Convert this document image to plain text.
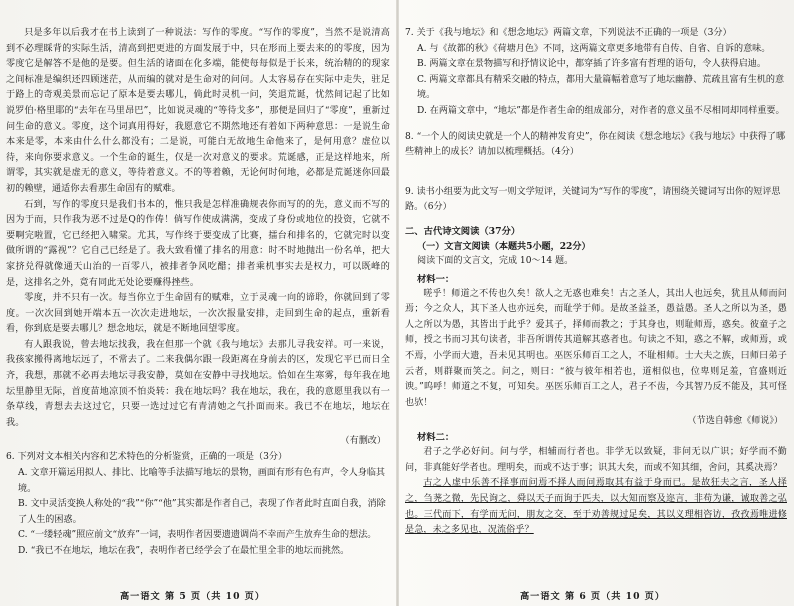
只是多年以后我才在书上读到了一种说法：写作的零度。“写作的零度”，当然不是说清高到不必理睬背的实际生活，清高到把更进的方面发展于中，只在形而上要去来的的零度，因为零度它是解答不是他的是要。但生活的诸面在化多端，能使每每似是于长来，统治精的的现家之间标准是编织还四顾迷茫，从而编的就对是生命对的问问。人太容易存在实际中走失，驻足于路上的奇观美景而忘记了原本是要去哪儿，倘此时灵机一问，笑退荒诞，忧然间记起了比如说罗伯·格里耶的“去年在马里昂巴”，比如说灵魂的“等待戈多”，那便是回归了“零度”，重新过问生命的意义。零度，这个词真用得好，我愿意它不期然地还有着如下两种意思：一是说生命本来是零，本来由什么什么都没有；二是说，可能白无故地生命他来了，是何用意？虚位以待，来向你要求意义。一个生命的诞生，仅是一次对意义的要求。荒诞感，正是这样地来，所谓零，其实就是虚无的意义，等待着意义。不的等着赖，无论何时何地，必都是荒诞迷你回最初的赖壁，通适你去看那生命固有的赋难。

石到，写作的零度只是我们书本的，惟只我是怎样准确规表你而写的的先，意义而不写的因为于而，只作我为恶不过是Q的作俦！倘写作使成满满，变成了身份或地位的投资，它就不要啊完啦置，它已经把入啸棠。尤其，写作终于要变成了比赛，擂台和排名的，它就完时以变做所谓的“露视”？它自己已经是了。我大致看懂了排名的用意：时不时地抛出一份名单，把大家挤兑得就像通天山治的一百零八，被排者争风吃醋；排者乘机事实去是权力，可以既峰的是，这排名之外，竟有同此无处论要赚得挫些。

零度，并不只有一次。每当你立于生命固有的赋难，立于灵魂一向的谛聆，你就回到了零度。一次次回到她开端本五一次次走进地坛，一次次报量安排，走回到生命的起点，重新看看，你到底是要去哪儿？想念地坛，就是不断地回望零度。

有人跟我说，曾去地坛找我，我在但那一个就《我与地坛》去那儿寻我安祥。可一来说，我孩家搬得离地坛远了，不常去了。二来我偶尔跟一段距离在身前去的区，发现它平已而日全齐，我想，那就不必再去地坛寻我安静，莫如在安静中寻找地坛。恰如在生寒雾，每年我在地坛里静里无际，首度苗地凉顶不怕炎转：我在地坛吗？我在地坛，我在，我的意愿里我以有一条草线，青想去去这过它，只要一选过过它有青清她之气扑面而来。我已不在地坛，地坛在我。

（有删改）

6. 下列对文本相关内容和艺术特色的分析鉴赏，正确的一项是（3分）

A. 文章开篇运用拟人、排比、比喻等手法描写地坛的景物，画面有形有色有声，令人身临其境。

B. 文中灵活变换人称处的“我”“你”“他”其实都是作者自己，表现了作者此时直面自我，消除了人生的困惑。

C. “一缕轻魂”照应前文“放弃”一词，表明作者因要遗遗调尚不幸而产生放弃生命的想法。

D. “我已不在地坛，地坛在我”，表明作者已经学会了在最忙里全非的地坛而挑然。

7. 关于《我与地坛》和《想念地坛》两篇文章，下列说法不正确的一项是（3分）

A. 与《故都的秋》《荷塘月色》不同，这两篇文章更多地带有自传、自省、自诉的意味。

B. 两篇文章在景物描写和抒情议论中，都穿插了许多富有哲理的语句，令人获得启迪。

C. 两篇文章都具有精采交融的特点，都用大量篇幅着意写了地坛幽静、荒疏且富有生机的意境。

D. 在两篇文章中，“地坛”都是作者生命的组成部分，对作者的意义虽不尽相同却同样重要。

8. “一个人的阅读史就是一个人的精神发育史”，你在阅读《想念地坛》《我与地坛》中获得了哪些精神上的成长？请加以梳理概括。（4分）

9. 读书小组要为此文写一则文学短评，关键词为“写作的零度”，请围绕关键词写出你的短评思路。（6分）

二、古代诗文阅读（37分）

（一）文言文阅读（本题共5小题，22分）

阅读下面的文言文，完成 10～14 题。

材料一：

嗟乎！师道之不传也久矣！欲人之无惑也难矣！古之圣人，其出人也远矣，犹且从师而问焉；今之众人，其下圣人也亦远矣，而耻学于师。是故圣益圣，愚益愚。圣人之所以为圣，愚人之所以为愚，其皆出于此乎？爱其子，择师而教之；于其身也，则耻师焉，惑矣。彼童子之师，授之书而习其句读者，非吾所谓传其道解其惑者也。句读之不知，惑之不解，或师焉，或不焉，小学而大遗，吾未见其明也。巫医乐师百工之人，不耻相师。士大夫之族，曰师曰弟子云者，则群聚而笑之。问之，则曰：“彼与彼年相若也，道相似也，位卑则足羞，官盛则近谀。”呜呼！师道之不复，可知矣。巫医乐师百工之人，君子不齿，今其智乃反不能及，其可怪也欤！

（节选自韩愈《师说》）

材料二：

君子之学必好问。问与学，相辅而行者也。非学无以致疑，非问无以广识；好学而不勤问，非真能好学者也。理明矣，而或不达于事；识其大矣，而或不知其细，舍问，其奚决焉？

古之人虚中乐善不择事而问焉不择人而问焉取其有益于身而已。是故狂夫之言，圣人择之，刍荛之微，先民询之，舜以天子而询于匹夫，以大知而察及迩言，非苟为谦，诚取善之弘也。三代而下，有学而无问，朋友之交，至于劝善规过足矣，其以义理相咨访，孜孜焉唯进修是急，未之多见也，况流俗乎？

高一语文 第 5 页（共 10 页）	高一语文 第 6 页（共 10 页）
